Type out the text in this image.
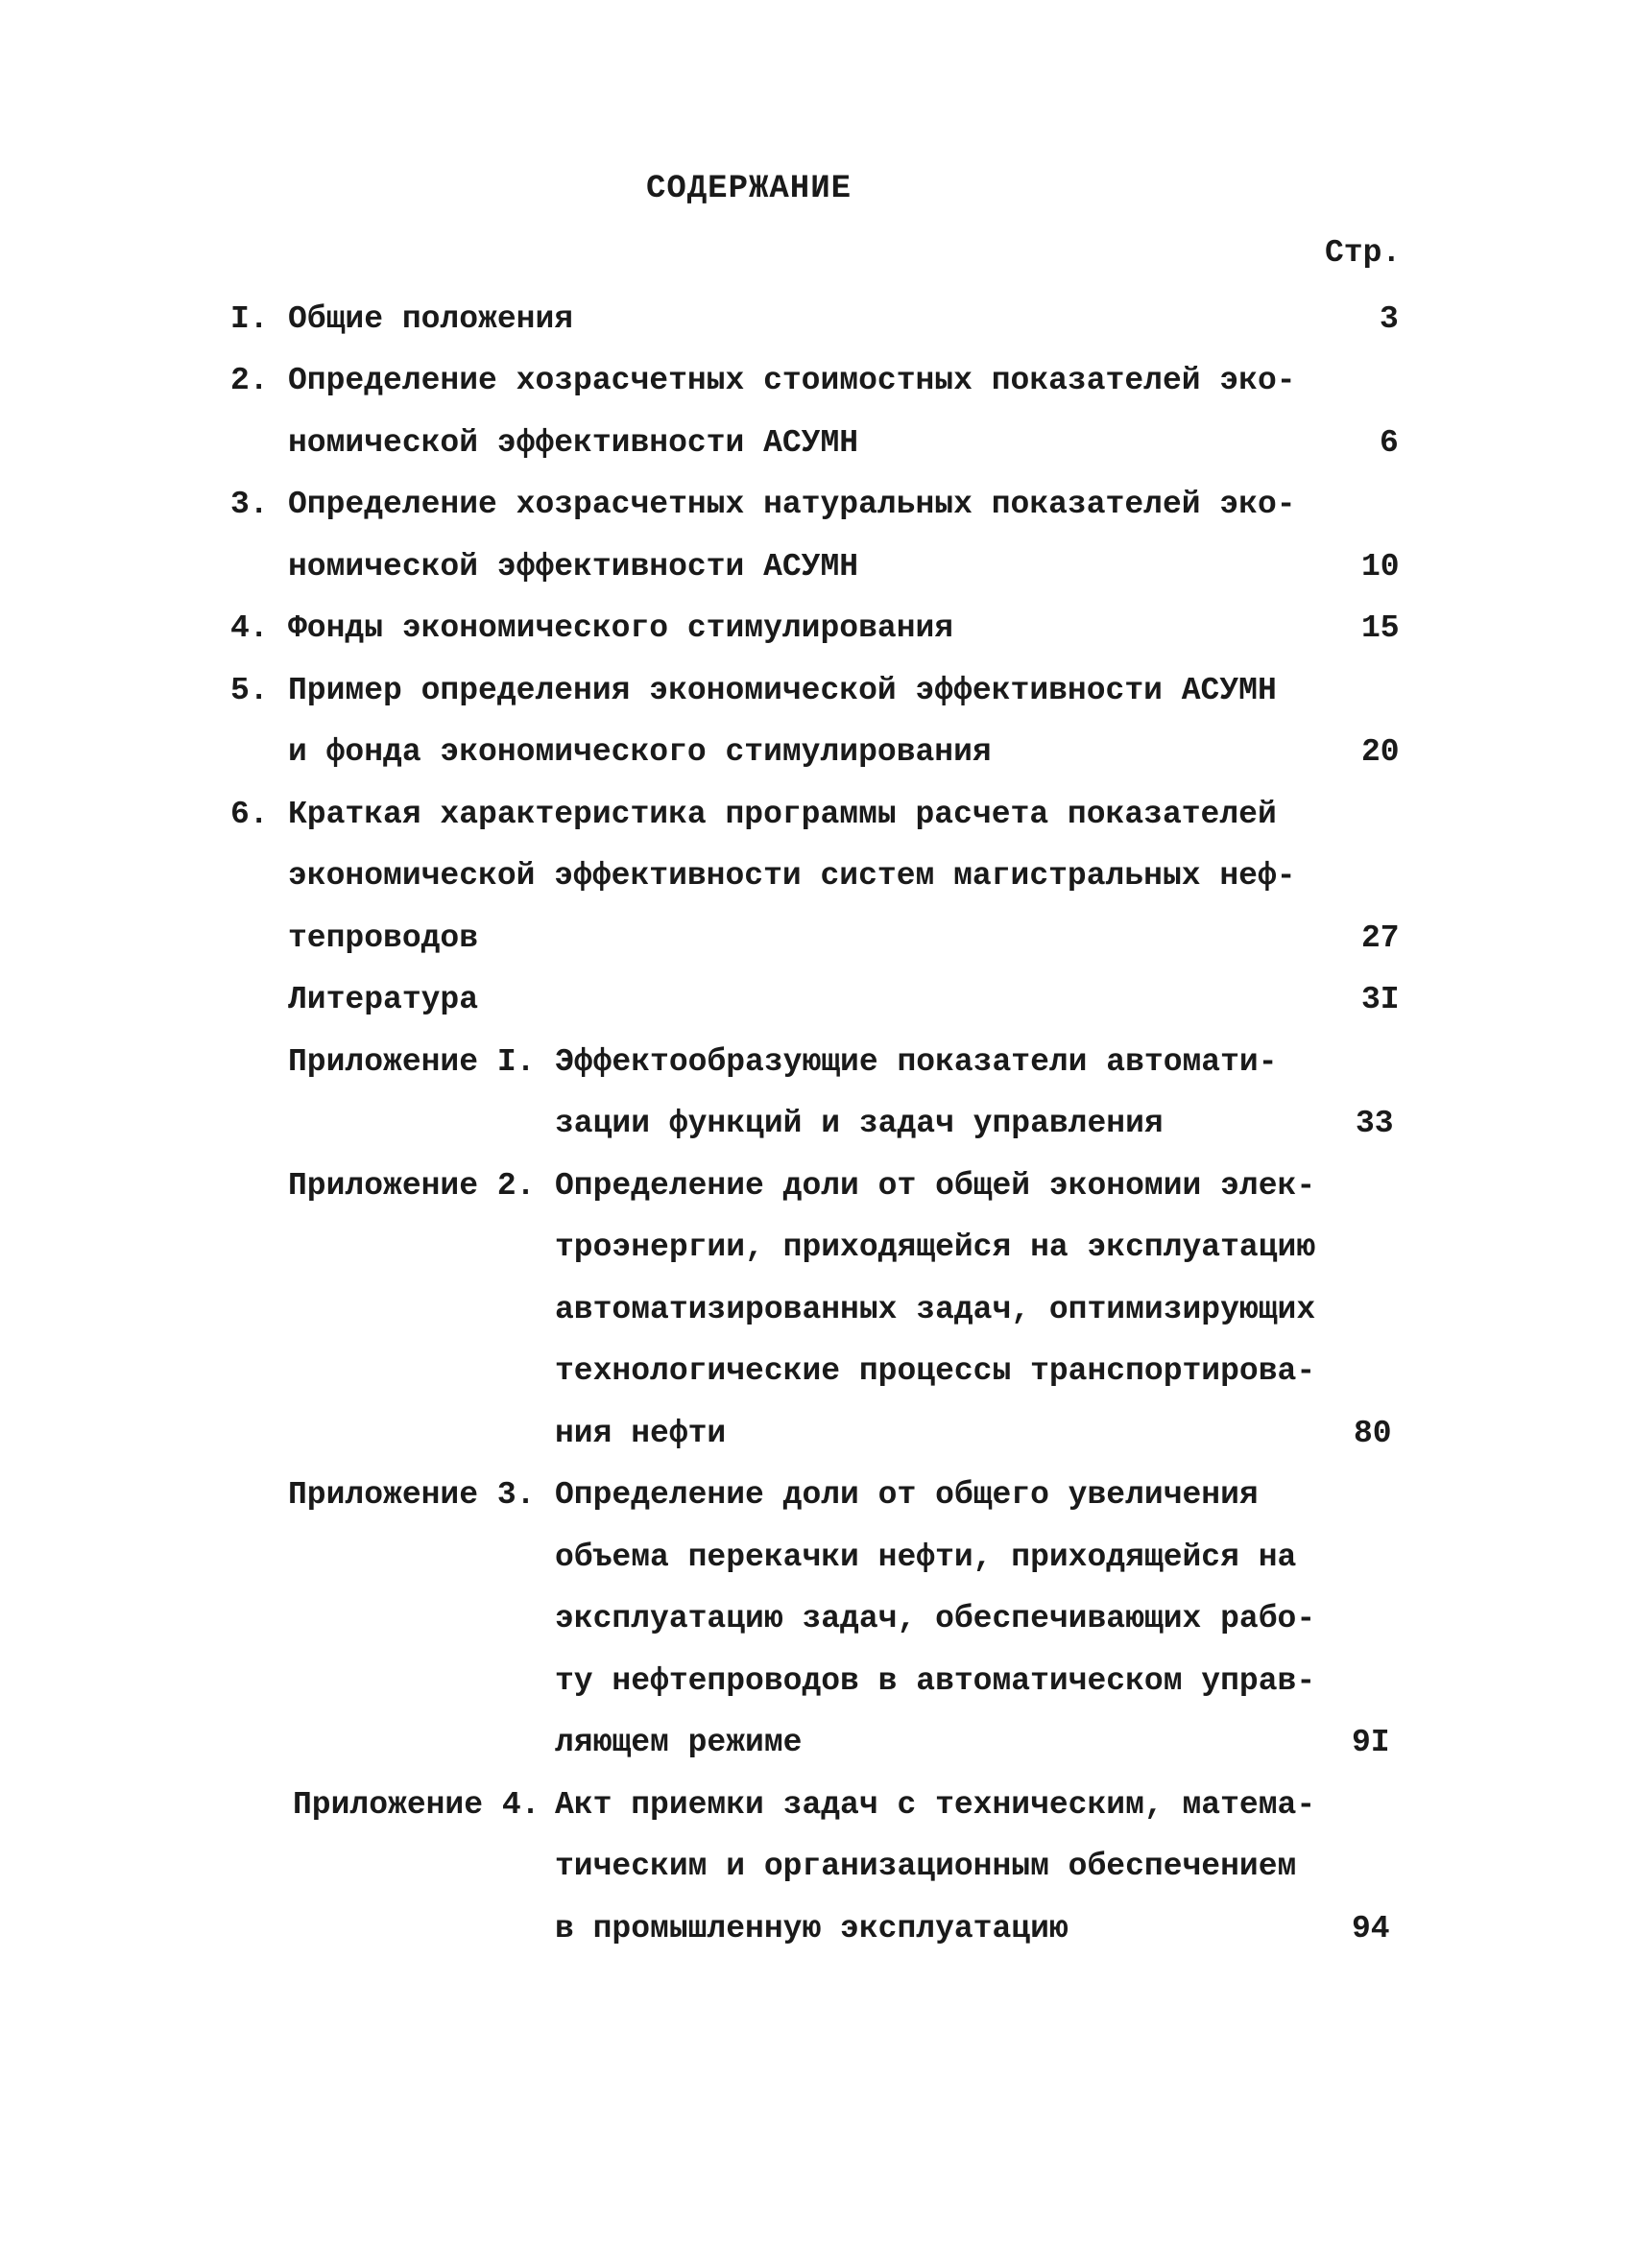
СОДЕРЖАНИЕ
Стр.
I. Общие положения	3
2. Определение хозрасчетных стоимостных показателей эко-
номической эффективности АСУМН	6
3. Определение хозрасчетных натуральных показателей эко-
номической эффективности АСУМН	10
4. Фонды экономического стимулирования	15
5. Пример определения экономической эффективности АСУМН
и фонда экономического стимулирования	20
6. Краткая характеристика программы расчета показателей
экономической эффективности систем магистральных неф-
тепроводов	27
Литература	3I
Приложение I. Эффектообразующие показатели автомати-
зации функций и задач управления	33
Приложение 2. Определение доли от общей экономии элек-
троэнергии, приходящейся на эксплуатацию
автоматизированных задач, оптимизирующих
технологические процессы транспортирова-
ния нефти	80
Приложение 3. Определение доли от общего увеличения
объема перекачки нефти, приходящейся на
эксплуатацию задач, обеспечивающих рабо-
ту нефтепроводов в автоматическом управ-
ляющем режиме	9I
Приложение 4. Акт приемки задач с техническим, матема-
тическим и организационным обеспечением
в промышленную эксплуатацию	94
